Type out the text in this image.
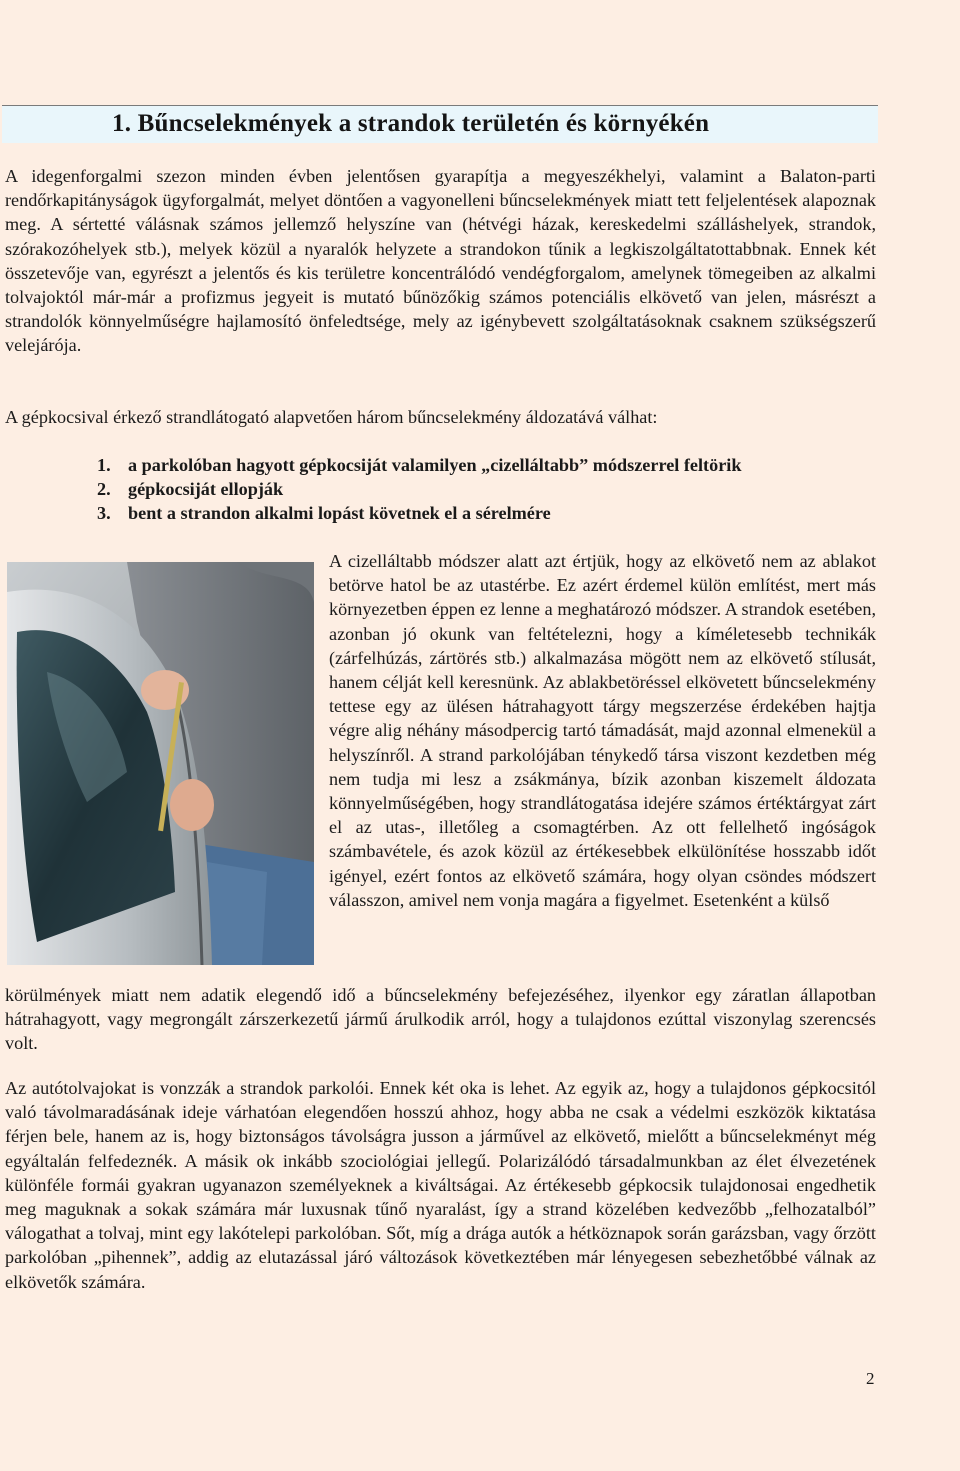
1. Bűncselekmények a strandok területén és környékén

A idegenforgalmi szezon minden évben jelentősen gyarapítja a megyeszékhelyi, valamint a Balaton-parti rendőrkapitányságok ügyforgalmát, melyet döntően a vagyonelleni bűncselekmények miatt tett feljelentések alapoznak meg. A sértetté válásnak számos jellemző helyszíne van (hétvégi házak, kereskedelmi szálláshelyek, strandok, szórakozóhelyek stb.), melyek közül a nyaralók helyzete a strandokon tűnik a legkiszolgáltatottabbnak. Ennek két összetevője van, egyrészt a jelentős és kis területre koncentrálódó vendégforgalom, amelynek tömegeiben az alkalmi tolvajoktól már-már a profizmus jegyeit is mutató bűnözőkig számos potenciális elkövető van jelen, másrészt a strandolók könnyelműségre hajlamosító önfeledtsége, mely az igénybevett szolgáltatásoknak csaknem szükségszerű velejárója.

A gépkocsival érkező strandlátogató alapvetően három bűncselekmény áldozatává válhat:

1. a parkolóban hagyott gépkocsiját valamilyen „cizelláltabb” módszerrel feltörik
2. gépkocsiját ellopják
3. bent a strandon alkalmi lopást követnek el a sérelmére

A cizelláltabb módszer alatt azt értjük, hogy az elkövető nem az ablakot betörve hatol be az utastérbe. Ez azért érdemel külön említést, mert más környezetben éppen ez lenne a meghatározó módszer. A strandok esetében, azonban jó okunk van feltételezni, hogy a kíméletesebb technikák (zárfelhúzás, zártörés stb.) alkalmazása mögött nem az elkövető stílusát, hanem célját kell keresnünk. Az ablakbetöréssel elkövetett bűncselekmény tettese egy az ülésen hátrahagyott tárgy megszerzése érdekében hajtja végre alig néhány másodpercig tartó támadását, majd azonnal elmenekül a helyszínről. A strand parkolójában ténykedő társa viszont kezdetben még nem tudja mi lesz a zsákmánya, bízik azonban kiszemelt áldozata könnyelműségében, hogy strandlátogatása idejére számos értéktárgyat zárt el az utas-, illetőleg a csomagtérben. Az ott fellelhető ingóságok számbavétele, és azok közül az értékesebbek elkülönítése hosszabb időt igényel, ezért fontos az elkövető számára, hogy olyan csöndes módszert válasszon, amivel nem vonja magára a figyelmet. Esetenként a külső

körülmények miatt nem adatik elegendő idő a bűncselekmény befejezéséhez, ilyenkor egy záratlan állapotban hátrahagyott, vagy megrongált zárszerkezetű jármű árulkodik arról, hogy a tulajdonos ezúttal viszonylag szerencsés volt.

Az autótolvajokat is vonzzák a strandok parkolói. Ennek két oka is lehet. Az egyik az, hogy a tulajdonos gépkocsitól való távolmaradásának ideje várhatóan elegendően hosszú ahhoz, hogy abba ne csak a védelmi eszközök kiktatása férjen bele, hanem az is, hogy biztonságos távolságra jusson a járművel az elkövető, mielőtt a bűncselekményt még egyáltalán felfedeznék. A másik ok inkább szociológiai jellegű. Polarizálódó társadalmunkban az élet élvezetének különféle formái gyakran ugyanazon személyeknek a kiváltságai. Az értékesebb gépkocsik tulajdonosai engedhetik meg maguknak a sokak számára már luxusnak tűnő nyaralást, így a strand közelében kedvezőbb „felhozatalból” válogathat a tolvaj, mint egy lakótelepi parkolóban. Sőt, míg a drága autók a hétköznapok során garázsban, vagy őrzött parkolóban „pihennek”, addig az elutazással járó változások következtében már lényegesen sebezhetőbbé válnak az elkövetők számára.

2
